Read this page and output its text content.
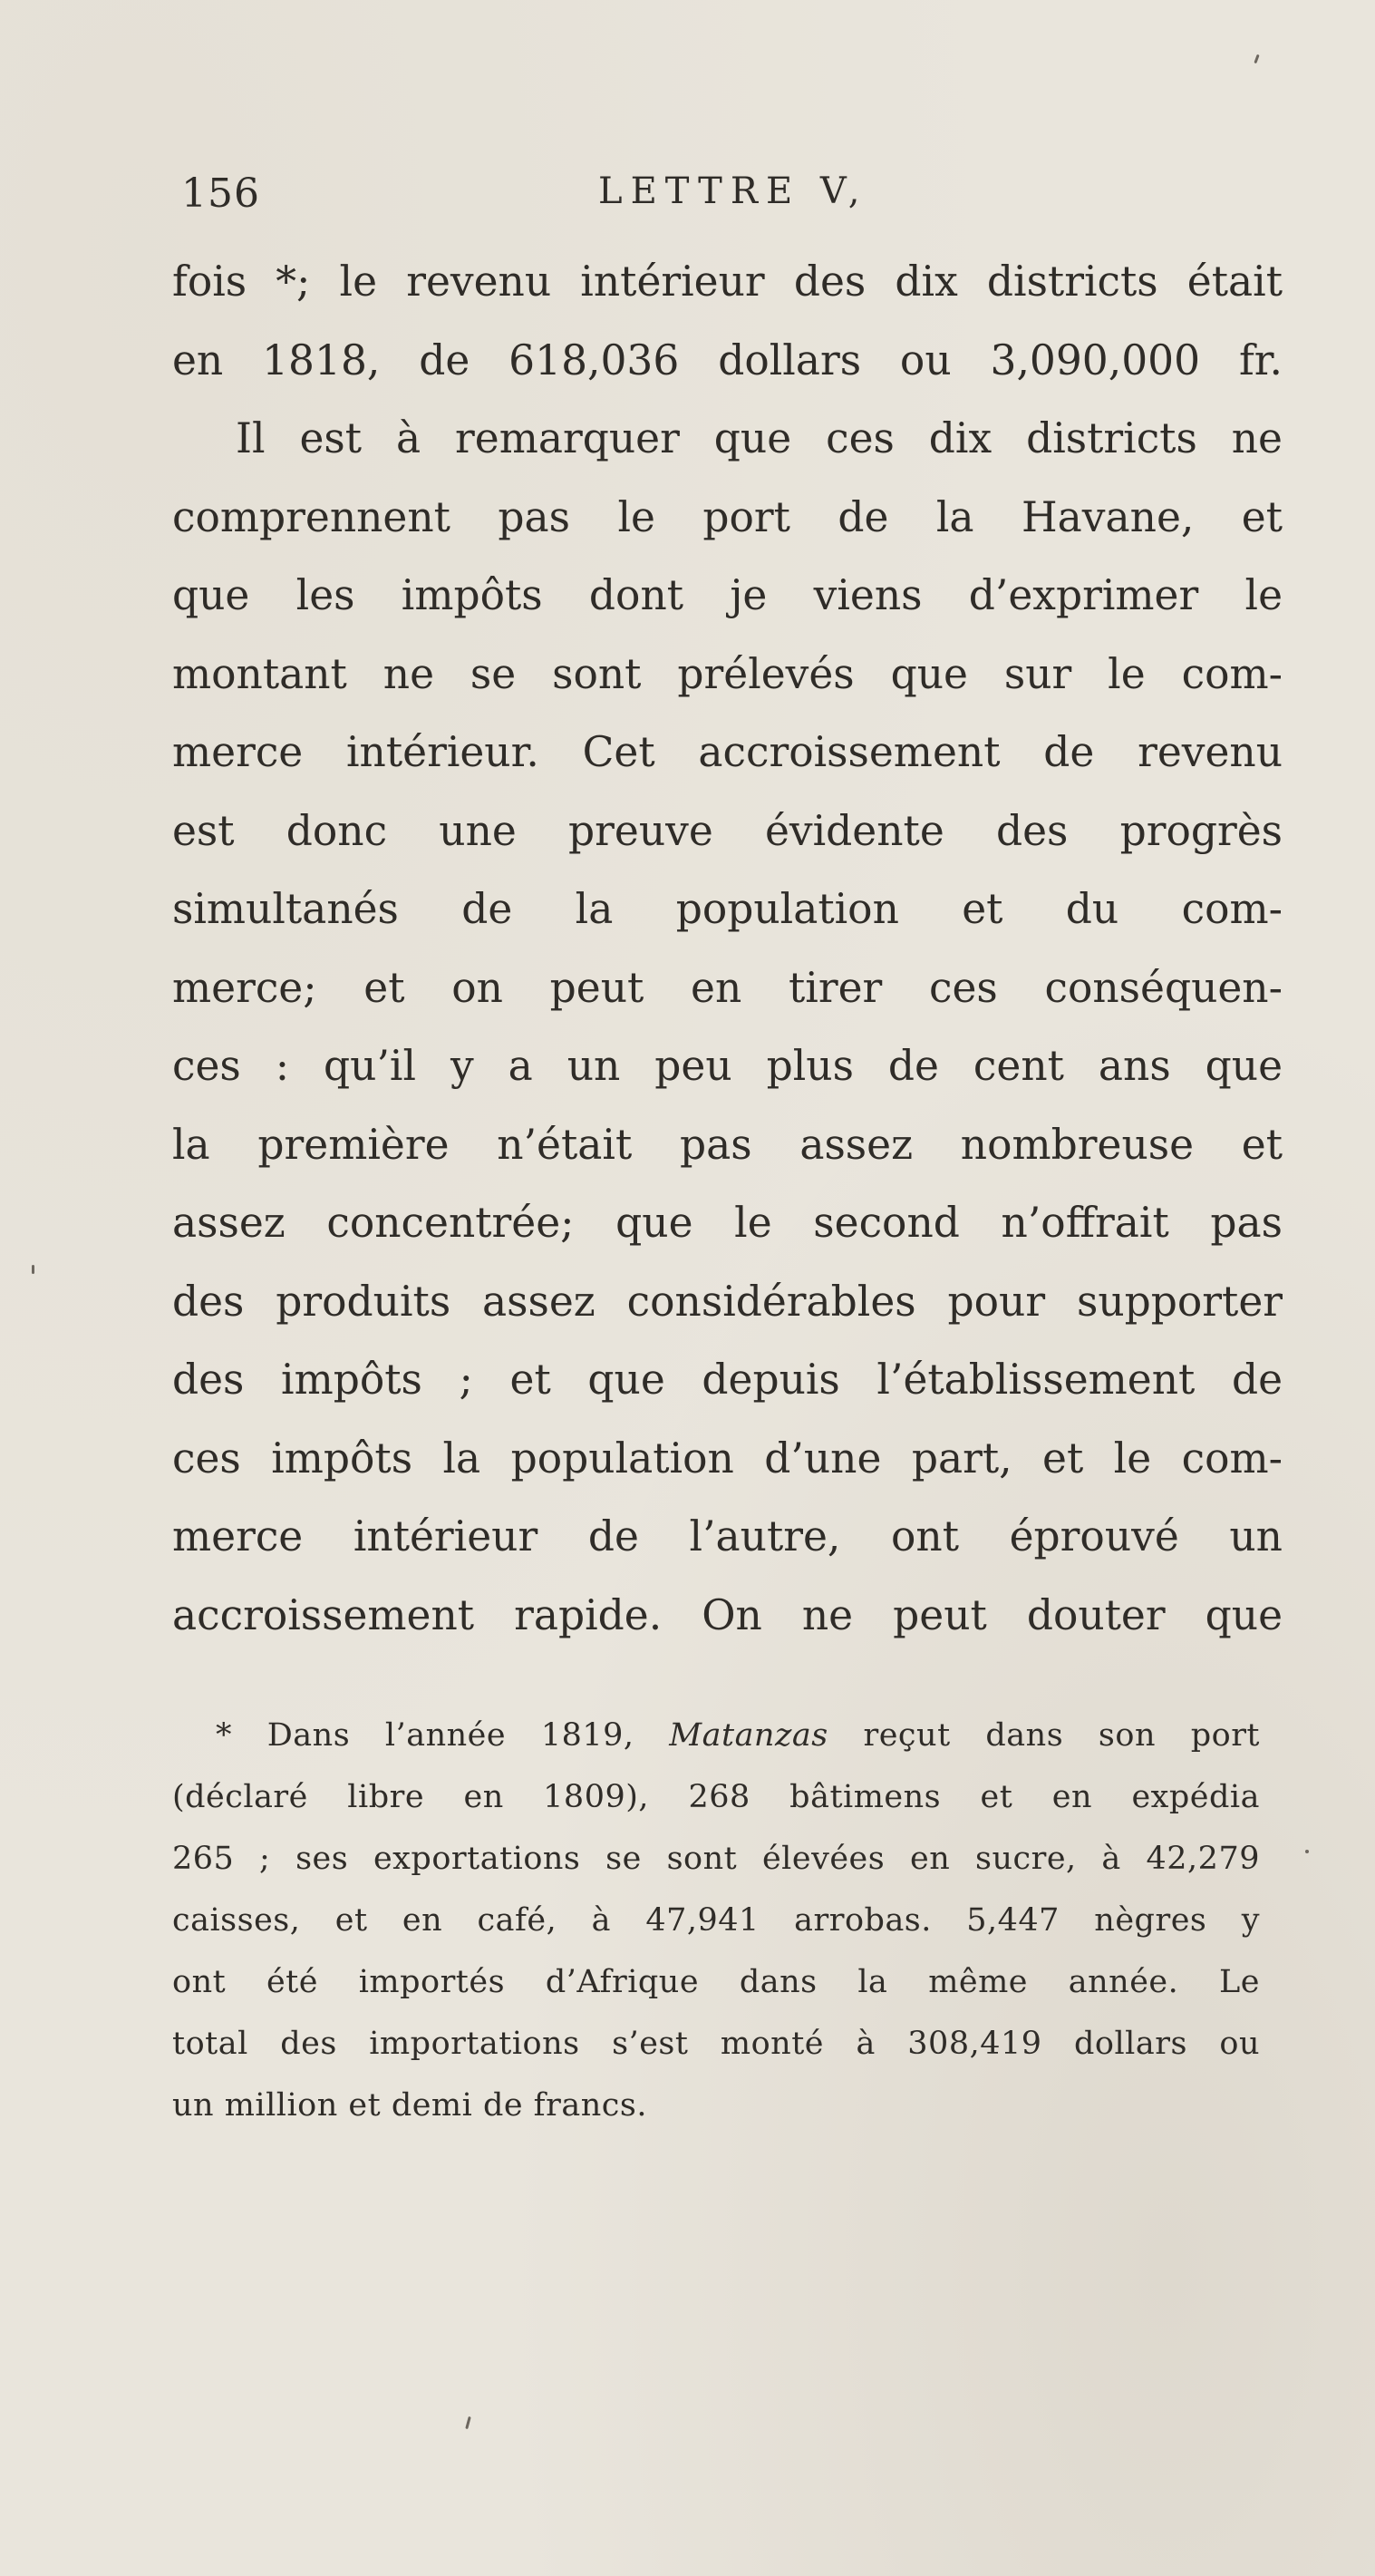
156	LETTRE V,
fois *; le revenu intérieur des dix districts était
en 1818, de 618,036 dollars ou 3,090,000 fr.
Il est à remarquer que ces dix districts ne
comprennent pas le port de la Havane, et
que les impôts dont je viens d’exprimer le
montant ne se sont prélevés que sur le com-
merce intérieur. Cet accroissement de revenu
est donc une preuve évidente des progrès
simultanés de la population et du com-
merce; et on peut en tirer ces conséquen-
ces : qu’il y a un peu plus de cent ans que
la première n’était pas assez nombreuse et
assez concentrée; que le second n’offrait pas
des produits assez considérables pour supporter
des impôts ; et que depuis l’établissement de
ces impôts la population d’une part, et le com-
merce intérieur de l’autre, ont éprouvé un
accroissement rapide. On ne peut douter que
* Dans l’année 1819, Matanzas reçut dans son port
(déclaré libre en 1809), 268 bâtimens et en expédia
265 ; ses exportations se sont élevées en sucre, à 42,279
caisses, et en café, à 47,941 arrobas. 5,447 nègres y
ont été importés d’Afrique dans la même année. Le
total des importations s’est monté à 308,419 dollars ou
un million et demi de francs.
